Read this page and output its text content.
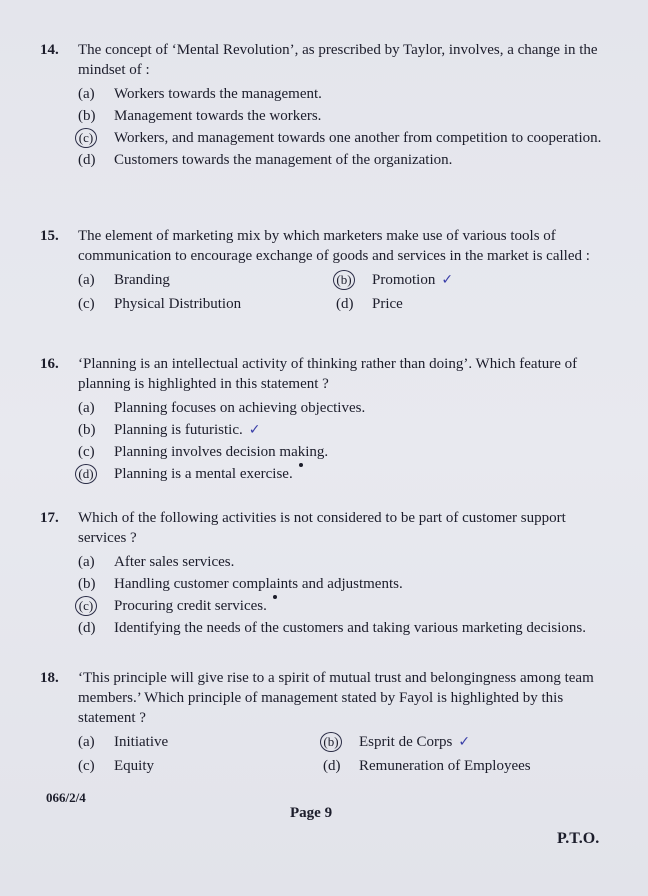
14.	The concept of ‘Mental Revolution’, as prescribed by Taylor, involves, a change in the mindset of :
(a)	Workers towards the management.
(b)	Management towards the workers.
(c)	Workers, and management towards one another from competition to cooperation.
(d)	Customers towards the management of the organization.
15.	The element of marketing mix by which marketers make use of various tools of communication to encourage exchange of goods and services in the market is called :
(a)	Branding	(b)	Promotion ✓
(c)	Physical Distribution	(d)	Price
16.	‘Planning is an intellectual activity of thinking rather than doing’. Which feature of planning is highlighted in this statement ?
(a)	Planning focuses on achieving objectives.
(b)	Planning is futuristic. ✓
(c)	Planning involves decision making.
(d)	Planning is a mental exercise.
17.	Which of the following activities is not considered to be part of customer support services ?
(a)	After sales services.
(b)	Handling customer complaints and adjustments.
(c)	Procuring credit services.
(d)	Identifying the needs of the customers and taking various marketing decisions.
18.	‘This principle will give rise to a spirit of mutual trust and belongingness among team members.’ Which principle of management stated by Fayol is highlighted by this statement ?
(a)	Initiative	(b)	Esprit de Corps ✓
(c)	Equity	(d)	Remuneration of Employees
066/2/4
Page 9
P.T.O.
